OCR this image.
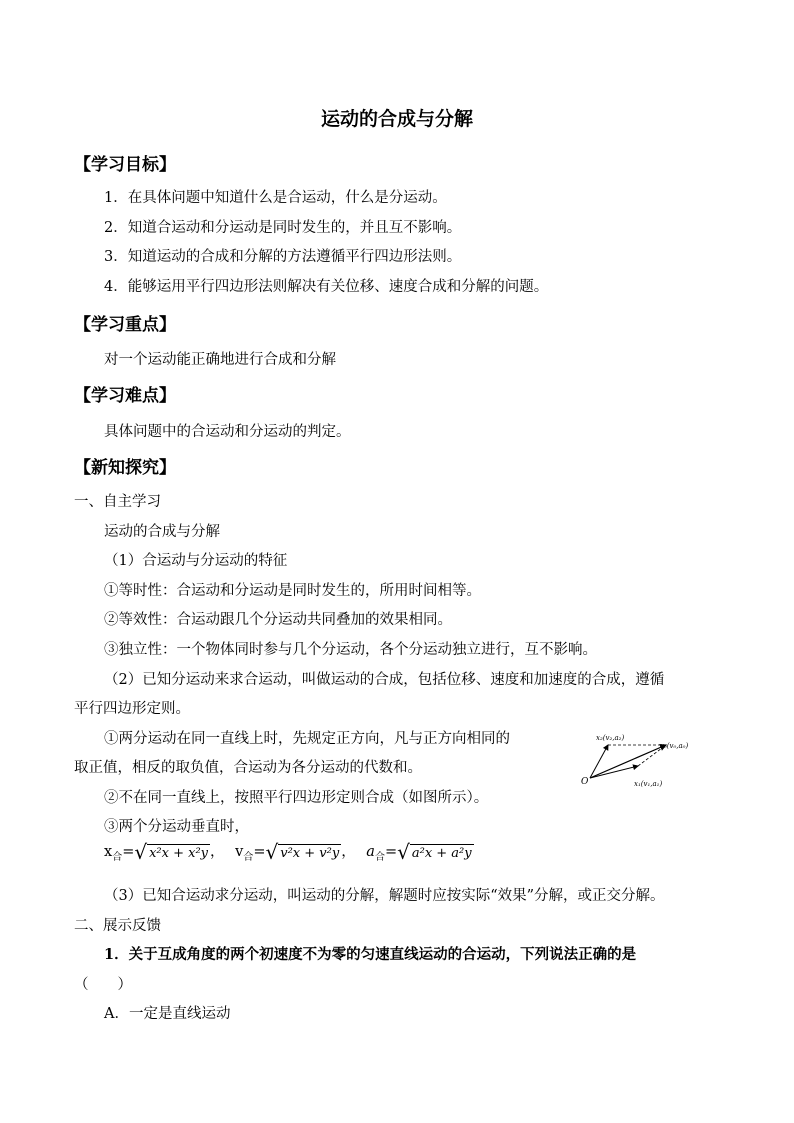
运动的合成与分解
【学习目标】
1．在具体问题中知道什么是合运动，什么是分运动。
2．知道合运动和分运动是同时发生的，并且互不影响。
3．知道运动的合成和分解的方法遵循平行四边形法则。
4．能够运用平行四边形法则解决有关位移、速度合成和分解的问题。
【学习重点】
对一个运动能正确地进行合成和分解
【学习难点】
具体问题中的合运动和分运动的判定。
【新知探究】
一、自主学习
运动的合成与分解
（1）合运动与分运动的特征
①等时性：合运动和分运动是同时发生的，所用时间相等。
②等效性：合运动跟几个分运动共同叠加的效果相同。
③独立性：一个物体同时参与几个分运动，各个分运动独立进行，互不影响。
（2）已知分运动来求合运动，叫做运动的合成，包括位移、速度和加速度的合成，遵循
平行四边形定则。
①两分运动在同一直线上时，先规定正方向，凡与正方向相同的
取正值，相反的取负值，合运动为各分运动的代数和。
②不在同一直线上，按照平行四边形定则合成（如图所示）。
③两个分运动垂直时，
O
x₂(v₂,a₂)
x₀(v₀,a₀)
x₁(v₁,a₁)
$x_合=$ √ x²x + x²y ， $v_合=$ √ v²x + v²y ， $a_合=$ √ a²x + a²y
（3）已知合运动求分运动，叫运动的分解，解题时应按实际“效果”分解，或正交分解。
二、展示反馈
1．关于互成角度的两个初速度不为零的匀速直线运动的合运动，下列说法正确的是
（　　）
A．一定是直线运动
